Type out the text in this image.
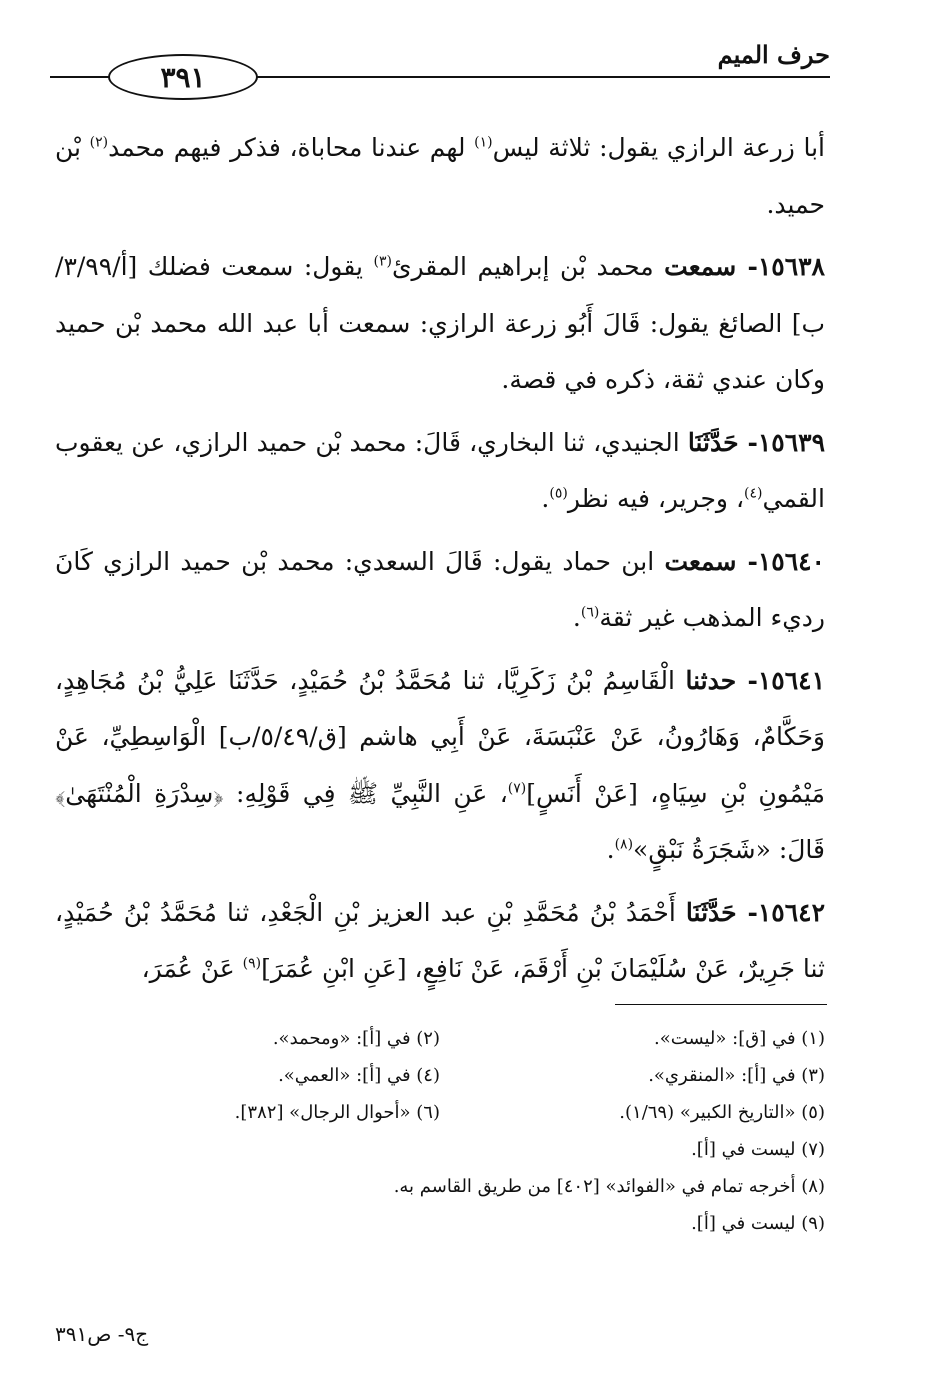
٣٩١
حرف الميم

أبا زرعة الرازي يقول: ثلاثة ليس$^{(١)}$ لهم عندنا محاباة، فذكر فيهم محمد$^{(٢)}$ بْن حميد.

١٥٦٣٨- سمعت محمد بْن إبراهيم المقرئ$^{(٣)}$ يقول: سمعت فضلك [أ/٣/٩٩/ب] الصائغ يقول: قَالَ أَبُو زرعة الرازي: سمعت أبا عبد الله محمد بْن حميد وكان عندي ثقة، ذكره في قصة.

١٥٦٣٩- حَدَّثَنَا الجنيدي، ثنا البخاري، قَالَ: محمد بْن حميد الرازي، عن يعقوب القمي$^{(٤)}$، وجرير، فيه نظر$^{(٥)}$.

١٥٦٤٠- سمعت ابن حماد يقول: قَالَ السعدي: محمد بْن حميد الرازي كَانَ رديء المذهب غير ثقة$^{(٦)}$.

١٥٦٤١- حدثنا الْقَاسِمُ بْنُ زَكَرِيَّا، ثنا مُحَمَّدُ بْنُ حُمَيْدٍ، حَدَّثَنَا عَلِيُّ بْنُ مُجَاهِدٍ، وَحَكَّامٌ، وَهَارُونُ، عَنْ عَنْبَسَةَ، عَنْ أَبِي هاشم [ق/٥/٤٩/ب] الْوَاسِطِيِّ، عَنْ مَيْمُونِ بْنِ سِيَاهٍ، [عَنْ أَنَسٍ]$^{(٧)}$، عَنِ النَّبِيِّ ﷺ فِي قَوْلِهِ: ﴿سِدْرَةِ الْمُنْتَهَىٰ﴾ قَالَ: «شَجَرَةُ نَبْقٍ»$^{(٨)}$.

١٥٦٤٢- حَدَّثَنَا أَحْمَدُ بْنُ مُحَمَّدِ بْنِ عبد العزيز بْنِ الْجَعْدِ، ثنا مُحَمَّدُ بْنُ حُمَيْدٍ، ثنا جَرِيرٌ، عَنْ سُلَيْمَانَ بْنِ أَرْقَمَ، عَنْ نَافِعٍ، [عَنِ ابْنِ عُمَرَ]$^{(٩)}$ عَنْ عُمَرَ،

(١) في [ق]: «ليست».
(٢) في [أ]: «ومحمد».
(٣) في [أ]: «المنقري».
(٤) في [أ]: «العمي».
(٥) «التاريخ الكبير» (١/٦٩).
(٦) «أحوال الرجال» [٣٨٢].
(٧) ليست في [أ].
(٨) أخرجه تمام في «الفوائد» [٤٠٢] من طريق القاسم به.
(٩) ليست في [أ].
ج٩- ص٣٩١
